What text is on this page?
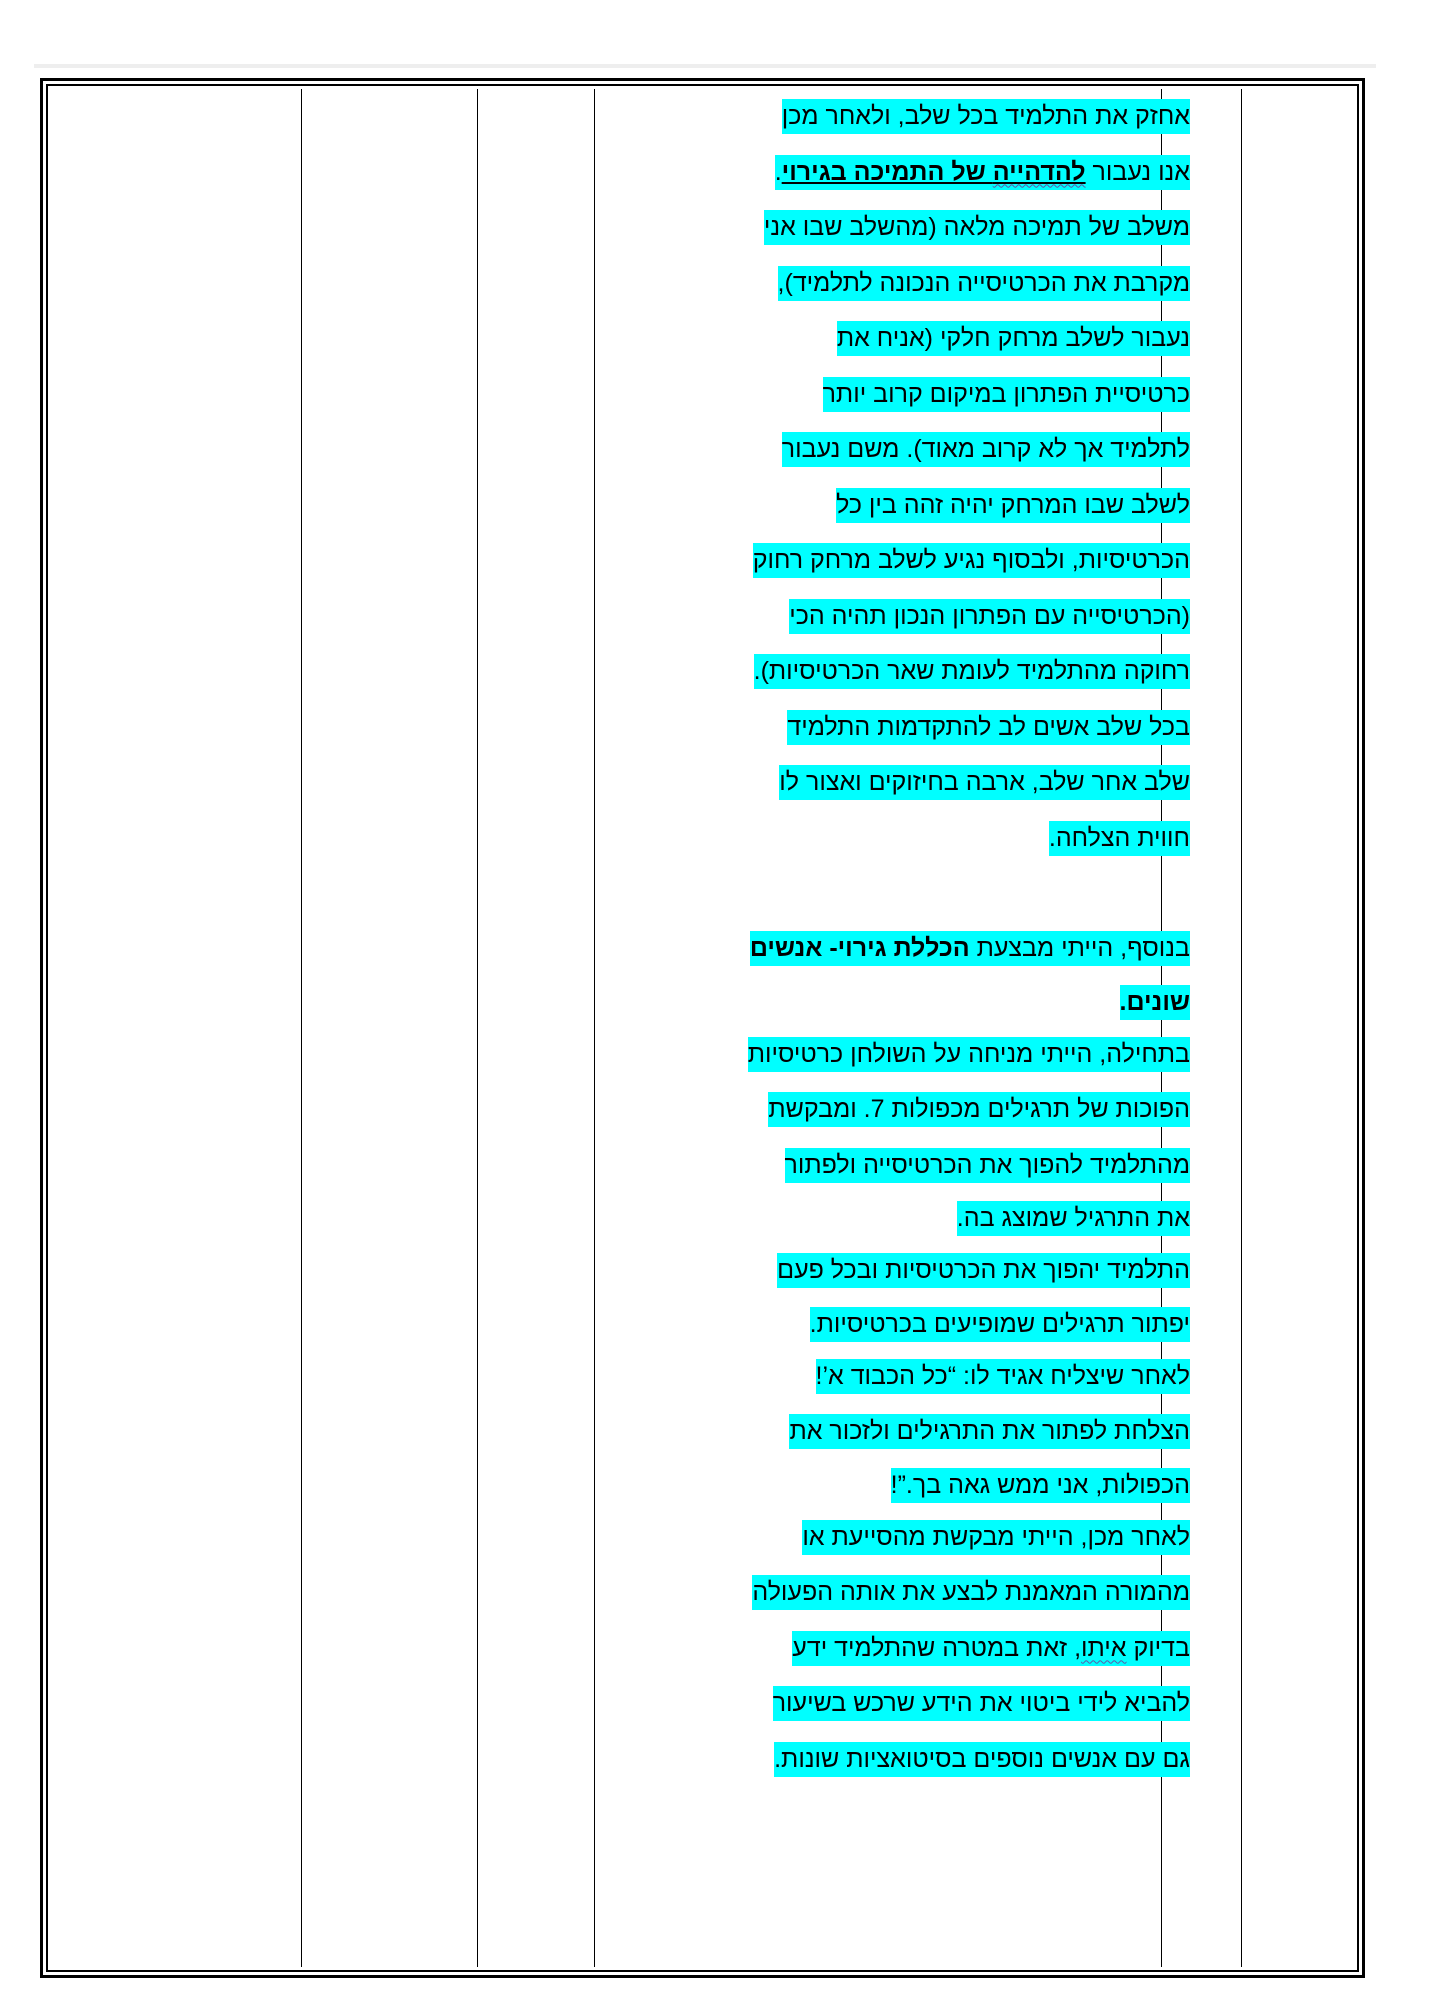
אחזק את התלמיד בכל שלב, ולאחר מכן
אנו נעבור להדהייה של התמיכה בגירוי.
משלב של תמיכה מלאה (מהשלב שבו אני
מקרבת את הכרטיסייה הנכונה לתלמיד),
נעבור לשלב מרחק חלקי (אניח את
כרטיסיית הפתרון במיקום קרוב יותר
לתלמיד אך לא קרוב מאוד). משם נעבור
לשלב שבו המרחק יהיה זהה בין כל
הכרטיסיות, ולבסוף נגיע לשלב מרחק רחוק
(הכרטיסייה עם הפתרון הנכון תהיה הכי
רחוקה מהתלמיד לעומת שאר הכרטיסיות).
בכל שלב אשים לב להתקדמות התלמיד
שלב אחר שלב, ארבה בחיזוקים ואצור לו
חווית הצלחה.
בנוסף, הייתי מבצעת הכללת גירוי- אנשים
שונים.
בתחילה, הייתי מניחה על השולחן כרטיסיות
הפוכות של תרגילים מכפולות 7. ומבקשת
מהתלמיד להפוך את הכרטיסייה ולפתור
את התרגיל שמוצג בה.
התלמיד יהפוך את הכרטיסיות ובכל פעם
יפתור תרגילים שמופיעים בכרטיסיות.
לאחר שיצליח אגיד לו: “כל הכבוד א’!
הצלחת לפתור את התרגילים ולזכור את
הכפולות, אני ממש גאה בך.”!
לאחר מכן, הייתי מבקשת מהסייעת או
מהמורה המאמנת לבצע את אותה הפעולה
בדיוק איתו, זאת במטרה שהתלמיד ידע
להביא לידי ביטוי את הידע שרכש בשיעור
גם עם אנשים נוספים בסיטואציות שונות.
